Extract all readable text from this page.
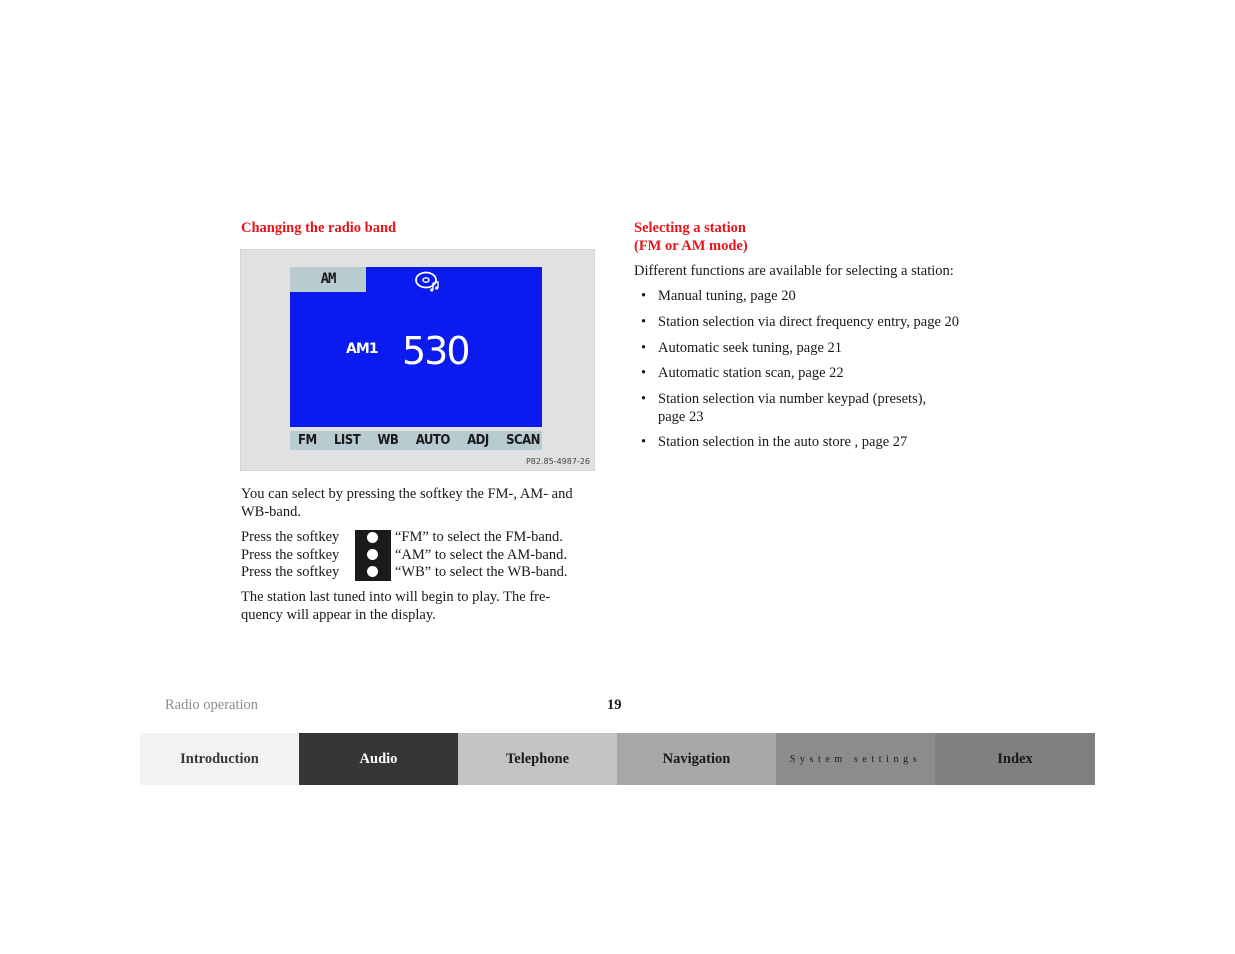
Changing the radio band
AM
AM1 530
FM LIST WB AUTO ADJ SCAN
P82.85-4987-26
You can select by pressing the softkey the FM-, AM- and WB-band.
Press the softkey	“FM” to select the FM-band.
Press the softkey	“AM” to select the AM-band.
Press the softkey	“WB” to select the WB-band.
The station last tuned into will begin to play. The fre-
quency will appear in the display.
Selecting a station
(FM or AM mode)
Different functions are available for selecting a station:
• Manual tuning, page 20
• Station selection via direct frequency entry, page 20
• Automatic seek tuning, page 21
• Automatic station scan, page 22
• Station selection via number keypad (presets),
page 23
• Station selection in the auto store , page 27
Radio operation	19
Introduction	Audio	Telephone	Navigation	System settings	Index
